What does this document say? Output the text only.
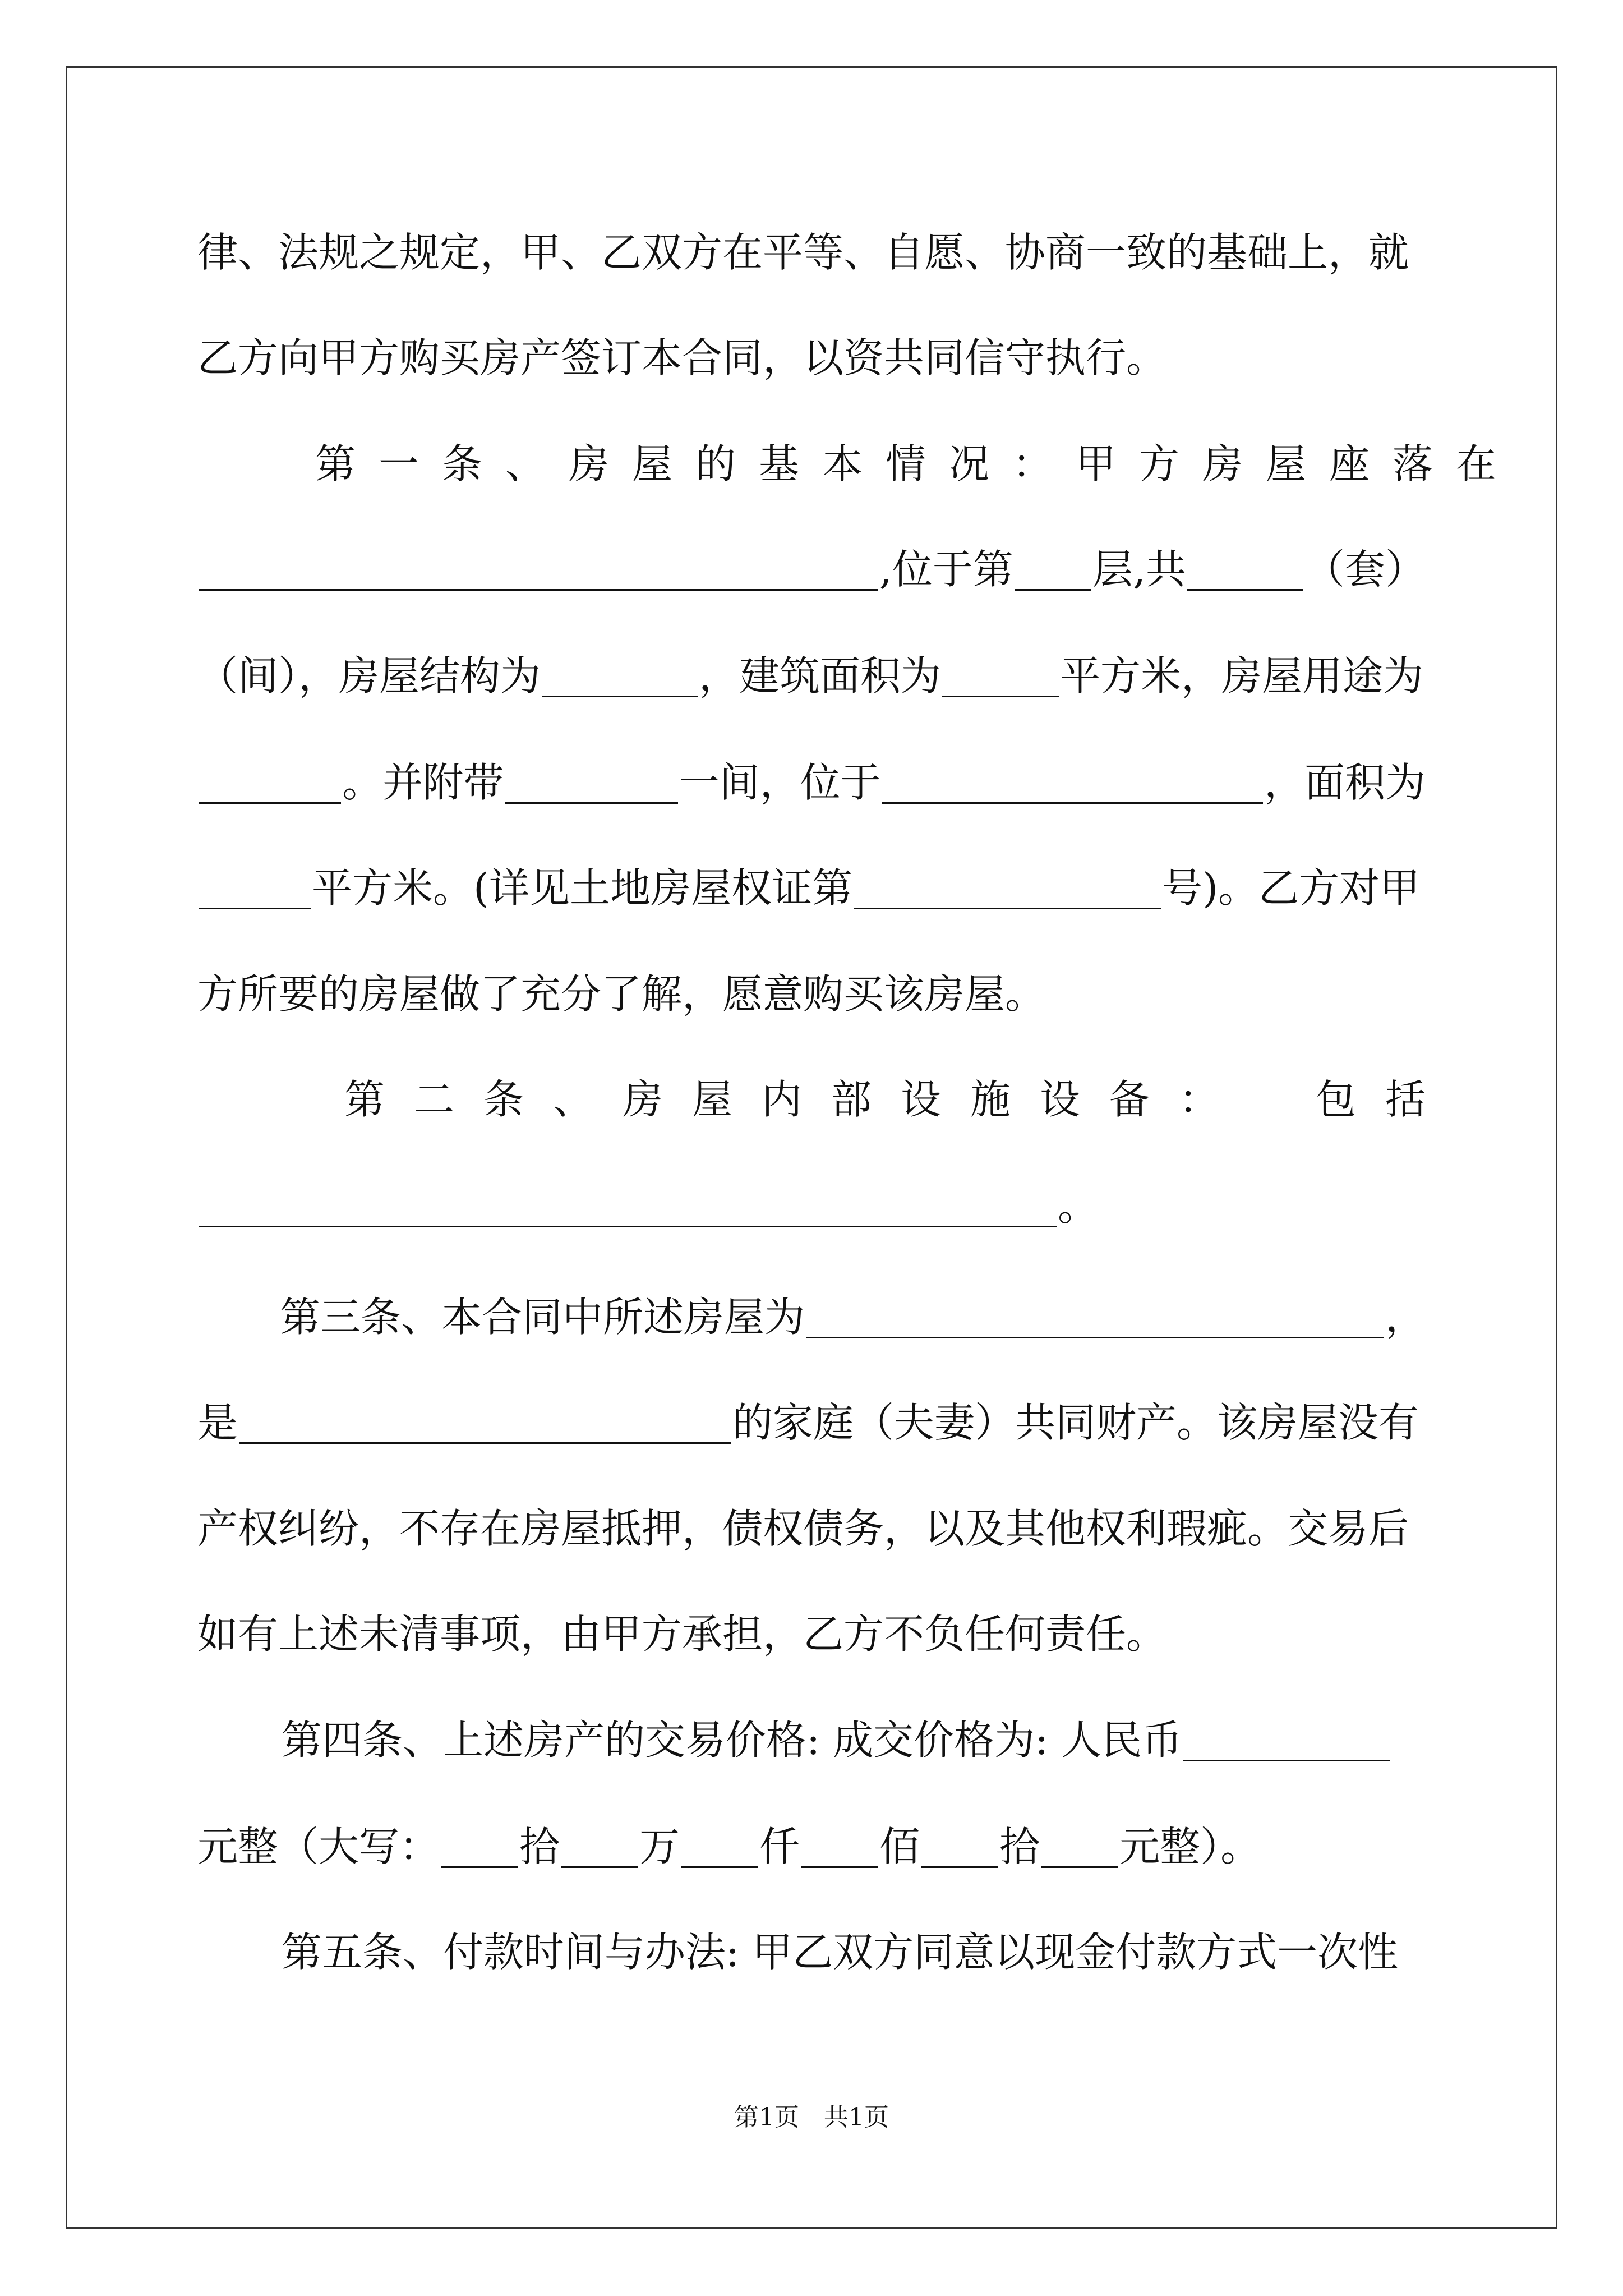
律、法规之规定，甲、乙双方在平等、自愿、协商一致的基础上，就
乙方向甲方购买房产签订本合同，以资共同信守执行。
第一条、房屋的基本情况： 甲方房屋座落在
,位于第 层,共	（套）
（间），房屋结构为	，建筑面积为	平方米，房屋用途为
。并附带	一间，位于	，面积为
平方米。(详见土地房屋权证第	号)。乙方对甲
方所要的房屋做了充分了解，愿意购买该房屋。
第二条、房屋内部设施设备： 包括
。
第三条、本合同中所述房屋为	，
是	的家庭（夫妻）共同财产。该房屋没有
产权纠纷，不存在房屋抵押，债权债务，以及其他权利瑕疵。交易后
如有上述未清事项，由甲方承担，乙方不负任何责任。
第四条、上述房产的交易价格: 成交价格为: 人民币
元整（大写： 拾 万 仟 佰 拾 元整）。
第五条、付款时间与办法: 甲乙双方同意以现金付款方式一次性
第1页　共1页
